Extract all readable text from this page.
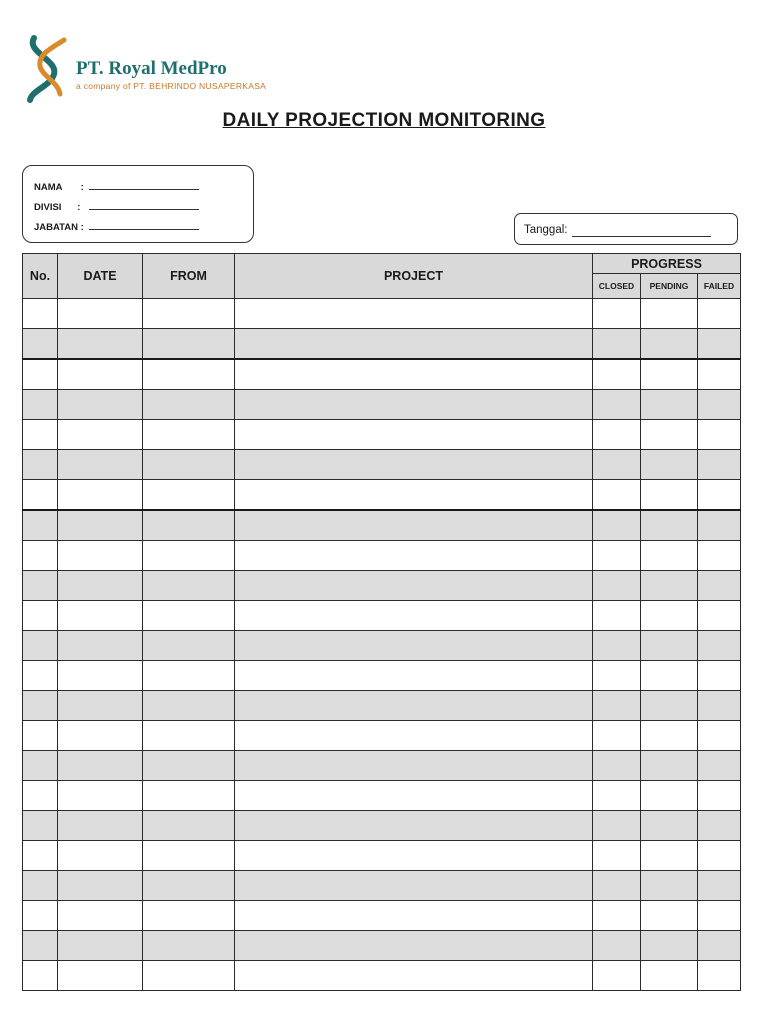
PT. Royal MedPro
a company of PT. BEHRINDO NUSAPERKASA
DAILY PROJECTION MONITORING
NAMA       :
DIVISI      :
JABATAN :	Tanggal:
No.	DATE	FROM	PROJECT	PROGRESS		
				CLOSED	PENDING	FAILED
